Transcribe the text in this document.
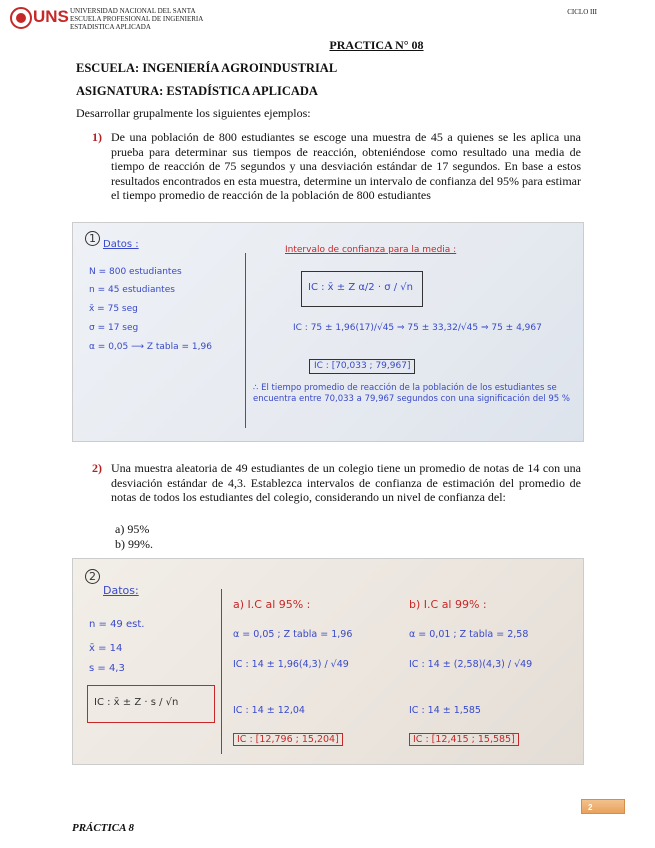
UNS UNIVERSIDAD NACIONAL DEL SANTA
ESCUELA PROFESIONAL DE INGENIERIA
ESTADISTICA APLICADA
CICLO III
PRACTICA N° 08
ESCUELA: INGENIERÍA AGROINDUSTRIAL
ASIGNATURA: ESTADÍSTICA APLICADA
Desarrollar grupalmente los siguientes ejemplos:
1) De una población de 800 estudiantes se escoge una muestra de 45 a quienes se les aplica una prueba para determinar sus tiempos de reacción, obteniéndose como resultado una media de tiempo de reacción de 75 segundos y una desviación estándar de 17 segundos. En base a estos resultados encontrados en esta muestra, determine un intervalo de confianza del 95% para estimar el tiempo promedio de reacción de la población de 800 estudiantes
1 Datos :
N = 800 estudiantes
n = 45 estudiantes
x̄ = 75 seg
σ = 17 seg
α = 0,05 ⟶ Z tabla = 1,96
Intervalo de confianza para la media :
IC : x̄ ± Z α/2 · σ / √n
IC : 75 ± 1,96(17)/√45 ⇒ 75 ± 33,32/√45 ⇒ 75 ± 4,967
IC : [70,033 ; 79,967]
∴ El tiempo promedio de reacción de la población de los estudiantes se encuentra entre 70,033 a 79,967 segundos con una significación del 95 %
2) Una muestra aleatoria de 49 estudiantes de un colegio tiene un promedio de notas de 14 con una desviación estándar de 4,3. Establezca intervalos de confianza de estimación del promedio de notas de todos los estudiantes del colegio, considerando un nivel de confianza del:
a) 95%
b) 99%.
2
Datos:
n = 49 est.
x̄ = 14
s = 4,3
IC : x̄ ± Z · s / √n
a) I.C al 95% :
α = 0,05 ; Z tabla = 1,96
IC : 14 ± 1,96(4,3) / √49
IC : 14 ± 12,04
IC : [12,796 ; 15,204]
b) I.C al 99% :
α = 0,01 ; Z tabla = 2,58
IC : 14 ± (2,58)(4,3) / √49
IC : 14 ± 1,585
IC : [12,415 ; 15,585]
2
PRÁCTICA 8
